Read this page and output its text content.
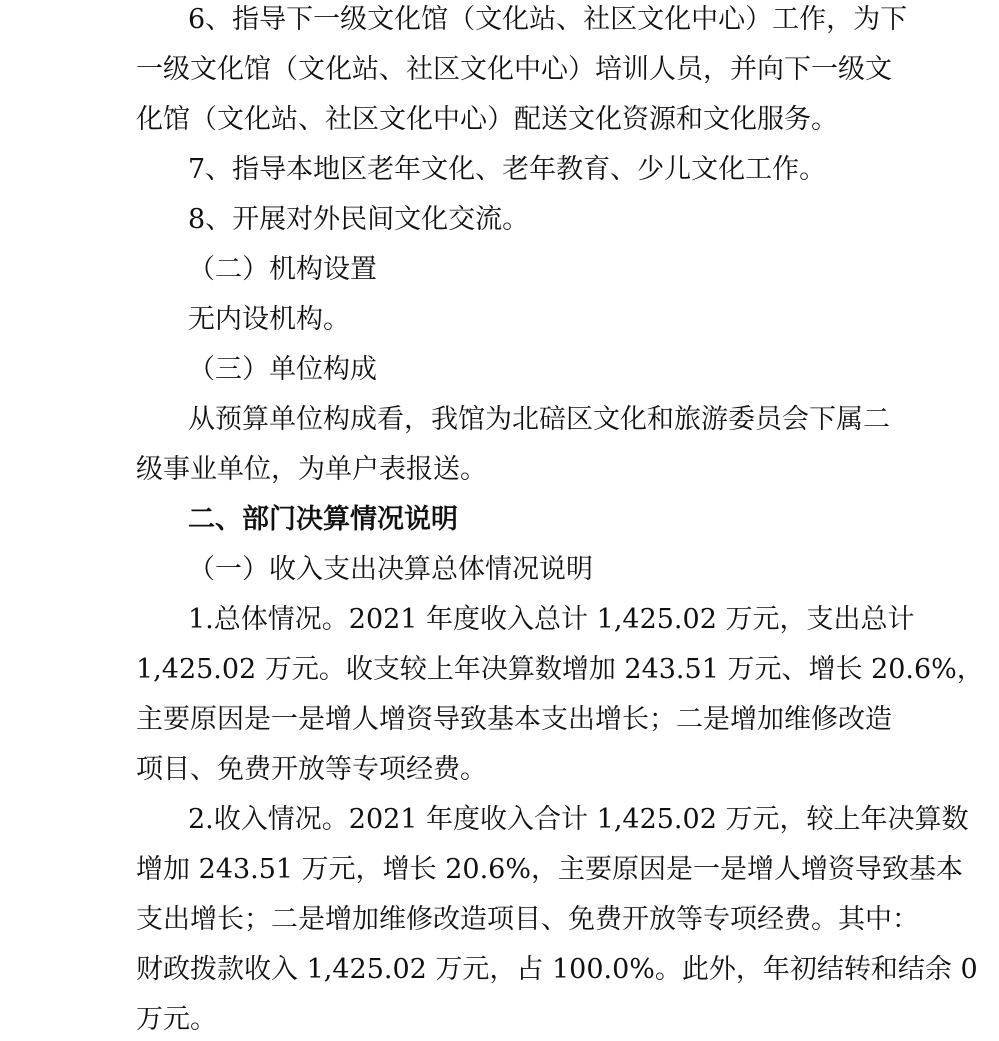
6、指导下一级文化馆（文化站、社区文化中心）工作，为下
一级文化馆（文化站、社区文化中心）培训人员，并向下一级文
化馆（文化站、社区文化中心）配送文化资源和文化服务。
7、指导本地区老年文化、老年教育、少儿文化工作。
8、开展对外民间文化交流。
（二）机构设置
无内设机构。
（三）单位构成
从预算单位构成看，我馆为北碚区文化和旅游委员会下属二
级事业单位，为单户表报送。
二、部门决算情况说明
（一）收入支出决算总体情况说明
1.总体情况。2021 年度收入总计 1,425.02 万元，支出总计
1,425.02 万元。收支较上年决算数增加 243.51 万元、增长 20.6%，
主要原因是一是增人增资导致基本支出增长；二是增加维修改造
项目、免费开放等专项经费。
2.收入情况。2021 年度收入合计 1,425.02 万元，较上年决算数
增加 243.51 万元，增长 20.6%，主要原因是一是增人增资导致基本
支出增长；二是增加维修改造项目、免费开放等专项经费。其中：
财政拨款收入 1,425.02 万元，占 100.0%。此外，年初结转和结余 0
万元。
